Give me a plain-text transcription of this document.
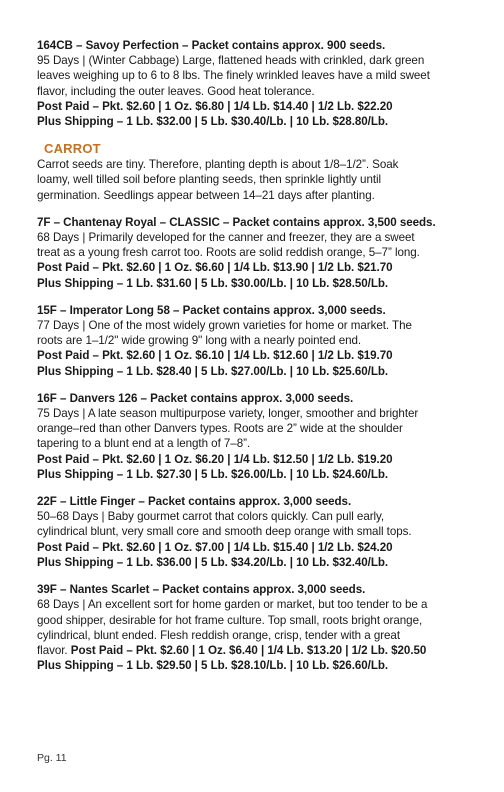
164CB – Savoy Perfection – Packet contains approx. 900 seeds.
95 Days | (Winter Cabbage) Large, flattened heads with crinkled, dark green
leaves weighing up to 6 to 8 lbs. The finely wrinkled leaves have a mild sweet
flavor, including the outer leaves. Good heat tolerance.
Post Paid – Pkt. $2.60 | 1 Oz. $6.80 | 1/4 Lb. $14.40 | 1/2 Lb. $22.20
Plus Shipping – 1 Lb. $32.00 | 5 Lb. $30.40/Lb. | 10 Lb. $28.80/Lb.
CARROT
Carrot seeds are tiny. Therefore, planting depth is about 1/8–1/2”. Soak
loamy, well tilled soil before planting seeds, then sprinkle lightly until
germination. Seedlings appear between 14–21 days after planting.
7F – Chantenay Royal – CLASSIC – Packet contains approx. 3,500 seeds.
68 Days | Primarily developed for the canner and freezer, they are a sweet
treat as a young fresh carrot too. Roots are solid reddish orange, 5–7” long.
Post Paid – Pkt. $2.60 | 1 Oz. $6.60 | 1/4 Lb. $13.90 | 1/2 Lb. $21.70
Plus Shipping – 1 Lb. $31.60 | 5 Lb. $30.00/Lb. | 10 Lb. $28.50/Lb.
15F – Imperator Long 58 – Packet contains approx. 3,000 seeds.
77 Days | One of the most widely grown varieties for home or market. The
roots are 1–1/2" wide growing 9" long with a nearly pointed end.
Post Paid – Pkt. $2.60 | 1 Oz. $6.10 | 1/4 Lb. $12.60 | 1/2 Lb. $19.70
Plus Shipping – 1 Lb. $28.40 | 5 Lb. $27.00/Lb. | 10 Lb. $25.60/Lb.
16F – Danvers 126 – Packet contains approx. 3,000 seeds.
75 Days | A late season multipurpose variety, longer, smoother and brighter
orange–red than other Danvers types. Roots are 2” wide at the shoulder
tapering to a blunt end at a length of 7–8”.
Post Paid – Pkt. $2.60 | 1 Oz. $6.20 | 1/4 Lb. $12.50 | 1/2 Lb. $19.20
Plus Shipping – 1 Lb. $27.30 | 5 Lb. $26.00/Lb. | 10 Lb. $24.60/Lb.
22F – Little Finger – Packet contains approx. 3,000 seeds.
50–68 Days | Baby gourmet carrot that colors quickly. Can pull early,
cylindrical blunt, very small core and smooth deep orange with small tops.
Post Paid – Pkt. $2.60 | 1 Oz. $7.00 | 1/4 Lb. $15.40 | 1/2 Lb. $24.20
Plus Shipping – 1 Lb. $36.00 | 5 Lb. $34.20/Lb. | 10 Lb. $32.40/Lb.
39F – Nantes Scarlet – Packet contains approx. 3,000 seeds.
68 Days | An excellent sort for home garden or market, but too tender to be a
good shipper, desirable for hot frame culture. Top small, roots bright orange,
cylindrical, blunt ended. Flesh reddish orange, crisp, tender with a great
flavor. Post Paid – Pkt. $2.60 | 1 Oz. $6.40 | 1/4 Lb. $13.20 | 1/2 Lb. $20.50
Plus Shipping – 1 Lb. $29.50 | 5 Lb. $28.10/Lb. | 10 Lb. $26.60/Lb.
Pg. 11
